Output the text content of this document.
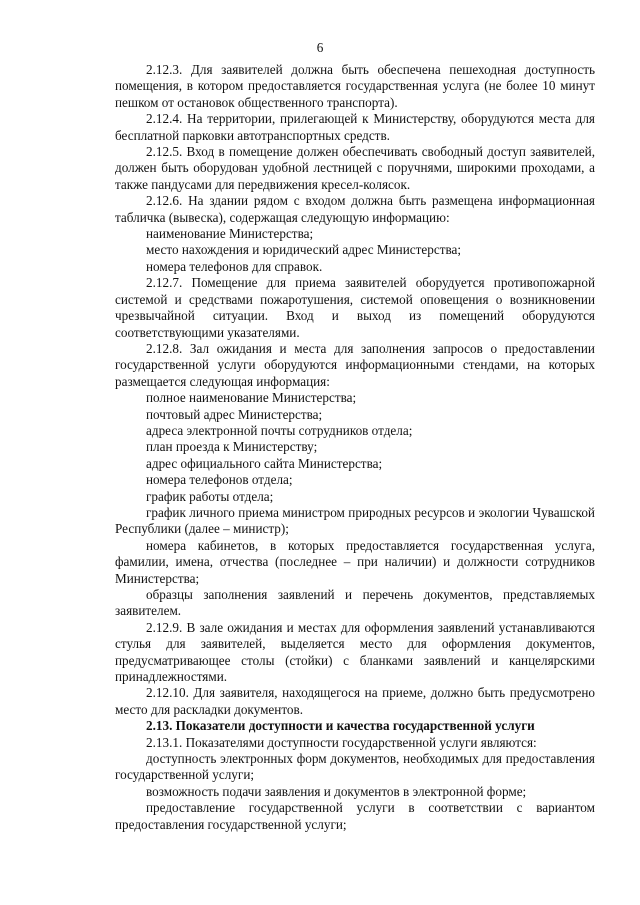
6

2.12.3. Для заявителей должна быть обеспечена пешеходная доступность помещения, в котором предоставляется государственная услуга (не более 10 минут пешком от остановок общественного транспорта).

2.12.4. На территории, прилегающей к Министерству, оборудуются места для бесплатной парковки автотранспортных средств.

2.12.5. Вход в помещение должен обеспечивать свободный доступ заявителей, должен быть оборудован удобной лестницей с поручнями, широкими проходами, а также пандусами для передвижения кресел-колясок.

2.12.6. На здании рядом с входом должна быть размещена информационная табличка (вывеска), содержащая следующую информацию:

наименование Министерства;

место нахождения и юридический адрес Министерства;

номера телефонов для справок.

2.12.7. Помещение для приема заявителей оборудуется противопожарной системой и средствами пожаротушения, системой оповещения о возникновении чрезвычайной ситуации. Вход и выход из помещений оборудуются соответствующими указателями.

2.12.8. Зал ожидания и места для заполнения запросов о предоставлении государственной услуги оборудуются информационными стендами, на которых размещается следующая информация:

полное наименование Министерства;

почтовый адрес Министерства;

адреса электронной почты сотрудников отдела;

план проезда к Министерству;

адрес официального сайта Министерства;

номера телефонов отдела;

график работы отдела;

график личного приема министром природных ресурсов и экологии Чувашской Республики (далее – министр);

номера кабинетов, в которых предоставляется государственная услуга, фамилии, имена, отчества (последнее – при наличии) и должности сотрудников Министерства;

образцы заполнения заявлений и перечень документов, представляемых заявителем.

2.12.9. В зале ожидания и местах для оформления заявлений устанавливаются стулья для заявителей, выделяется место для оформления документов, предусматривающее столы (стойки) с бланками заявлений и канцелярскими принадлежностями.

2.12.10. Для заявителя, находящегося на приеме, должно быть предусмотрено место для раскладки документов.

2.13. Показатели доступности и качества государственной услуги

2.13.1. Показателями доступности государственной услуги являются:

доступность электронных форм документов, необходимых для предоставления государственной услуги;

возможность подачи заявления и документов в электронной форме;

предоставление государственной услуги в соответствии с вариантом предоставления государственной услуги;
